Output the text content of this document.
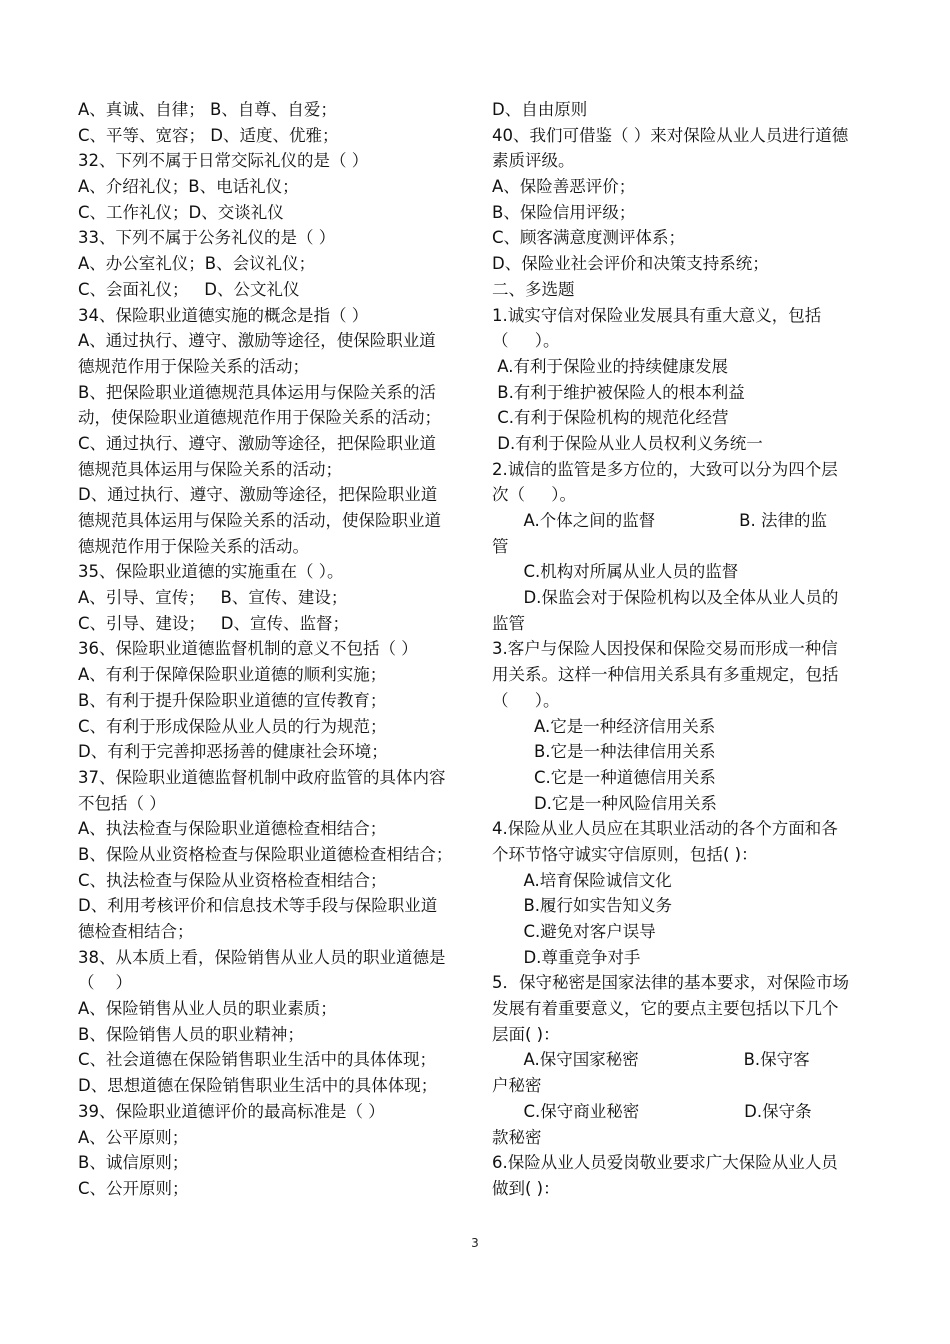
A、真诚、自律； B、自尊、自爱；
C、平等、宽容； D、适度、优雅；
32、下列不属于日常交际礼仪的是（ ）
A、介绍礼仪；B、电话礼仪；
C、工作礼仪；D、交谈礼仪
33、下列不属于公务礼仪的是（ ）
A、办公室礼仪；B、会议礼仪；
C、会面礼仪；   D、公文礼仪
34、保险职业道德实施的概念是指（ ）
A、通过执行、遵守、激励等途径，使保险职业道
德规范作用于保险关系的活动；
B、把保险职业道德规范具体运用与保险关系的活
动，使保险职业道德规范作用于保险关系的活动；
C、通过执行、遵守、激励等途径，把保险职业道
德规范具体运用与保险关系的活动；
D、通过执行、遵守、激励等途径，把保险职业道
德规范具体运用与保险关系的活动，使保险职业道
德规范作用于保险关系的活动。
35、保险职业道德的实施重在（ ）。
A、引导、宣传；   B、宣传、建设；
C、引导、建设；   D、宣传、监督；
36、保险职业道德监督机制的意义不包括（ ）
A、有利于保障保险职业道德的顺利实施；
B、有利于提升保险职业道德的宣传教育；
C、有利于形成保险从业人员的行为规范；
D、有利于完善抑恶扬善的健康社会环境；
37、保险职业道德监督机制中政府监管的具体内容
不包括（ ）
A、执法检查与保险职业道德检查相结合；
B、保险从业资格检查与保险职业道德检查相结合；
C、执法检查与保险从业资格检查相结合；
D、利用考核评价和信息技术等手段与保险职业道
德检查相结合；
38、从本质上看，保险销售从业人员的职业道德是
（    ）
A、保险销售从业人员的职业素质；
B、保险销售人员的职业精神；
C、社会道德在保险销售职业生活中的具体体现；
D、思想道德在保险销售职业生活中的具体体现；
39、保险职业道德评价的最高标准是（ ）
A、公平原则；
B、诚信原则；
C、公开原则；
D、自由原则
40、我们可借鉴（ ）来对保险从业人员进行道德
素质评级。
A、保险善恶评价；
B、保险信用评级；
C、顾客满意度测评体系；
D、保险业社会评价和决策支持系统；
二、多选题
1.诚实守信对保险业发展具有重大意义，包括
（     ）。
A.有利于保险业的持续健康发展
B.有利于维护被保险人的根本利益
C.有利于保险机构的规范化经营
D.有利于保险从业人员权利义务统一
2.诚信的监管是多方位的，大致可以分为四个层
次（     ）。
A.个体之间的监督                B. 法律的监
管
C.机构对所属从业人员的监督
D.保监会对于保险机构以及全体从业人员的
监管
3.客户与保险人因投保和保险交易而形成一种信
用关系。这样一种信用关系具有多重规定，包括
（     ）。
A.它是一种经济信用关系
B.它是一种法律信用关系
C.它是一种道德信用关系
D.它是一种风险信用关系
4.保险从业人员应在其职业活动的各个方面和各
个环节恪守诚实守信原则，包括( )：
A.培育保险诚信文化
B.履行如实告知义务
C.避免对客户误导
D.尊重竞争对手
5．保守秘密是国家法律的基本要求，对保险市场
发展有着重要意义，它的要点主要包括以下几个
层面( )：
A.保守国家秘密                    B.保守客
户秘密
C.保守商业秘密                    D.保守条
款秘密
6.保险从业人员爱岗敬业要求广大保险从业人员
做到( )：
3
